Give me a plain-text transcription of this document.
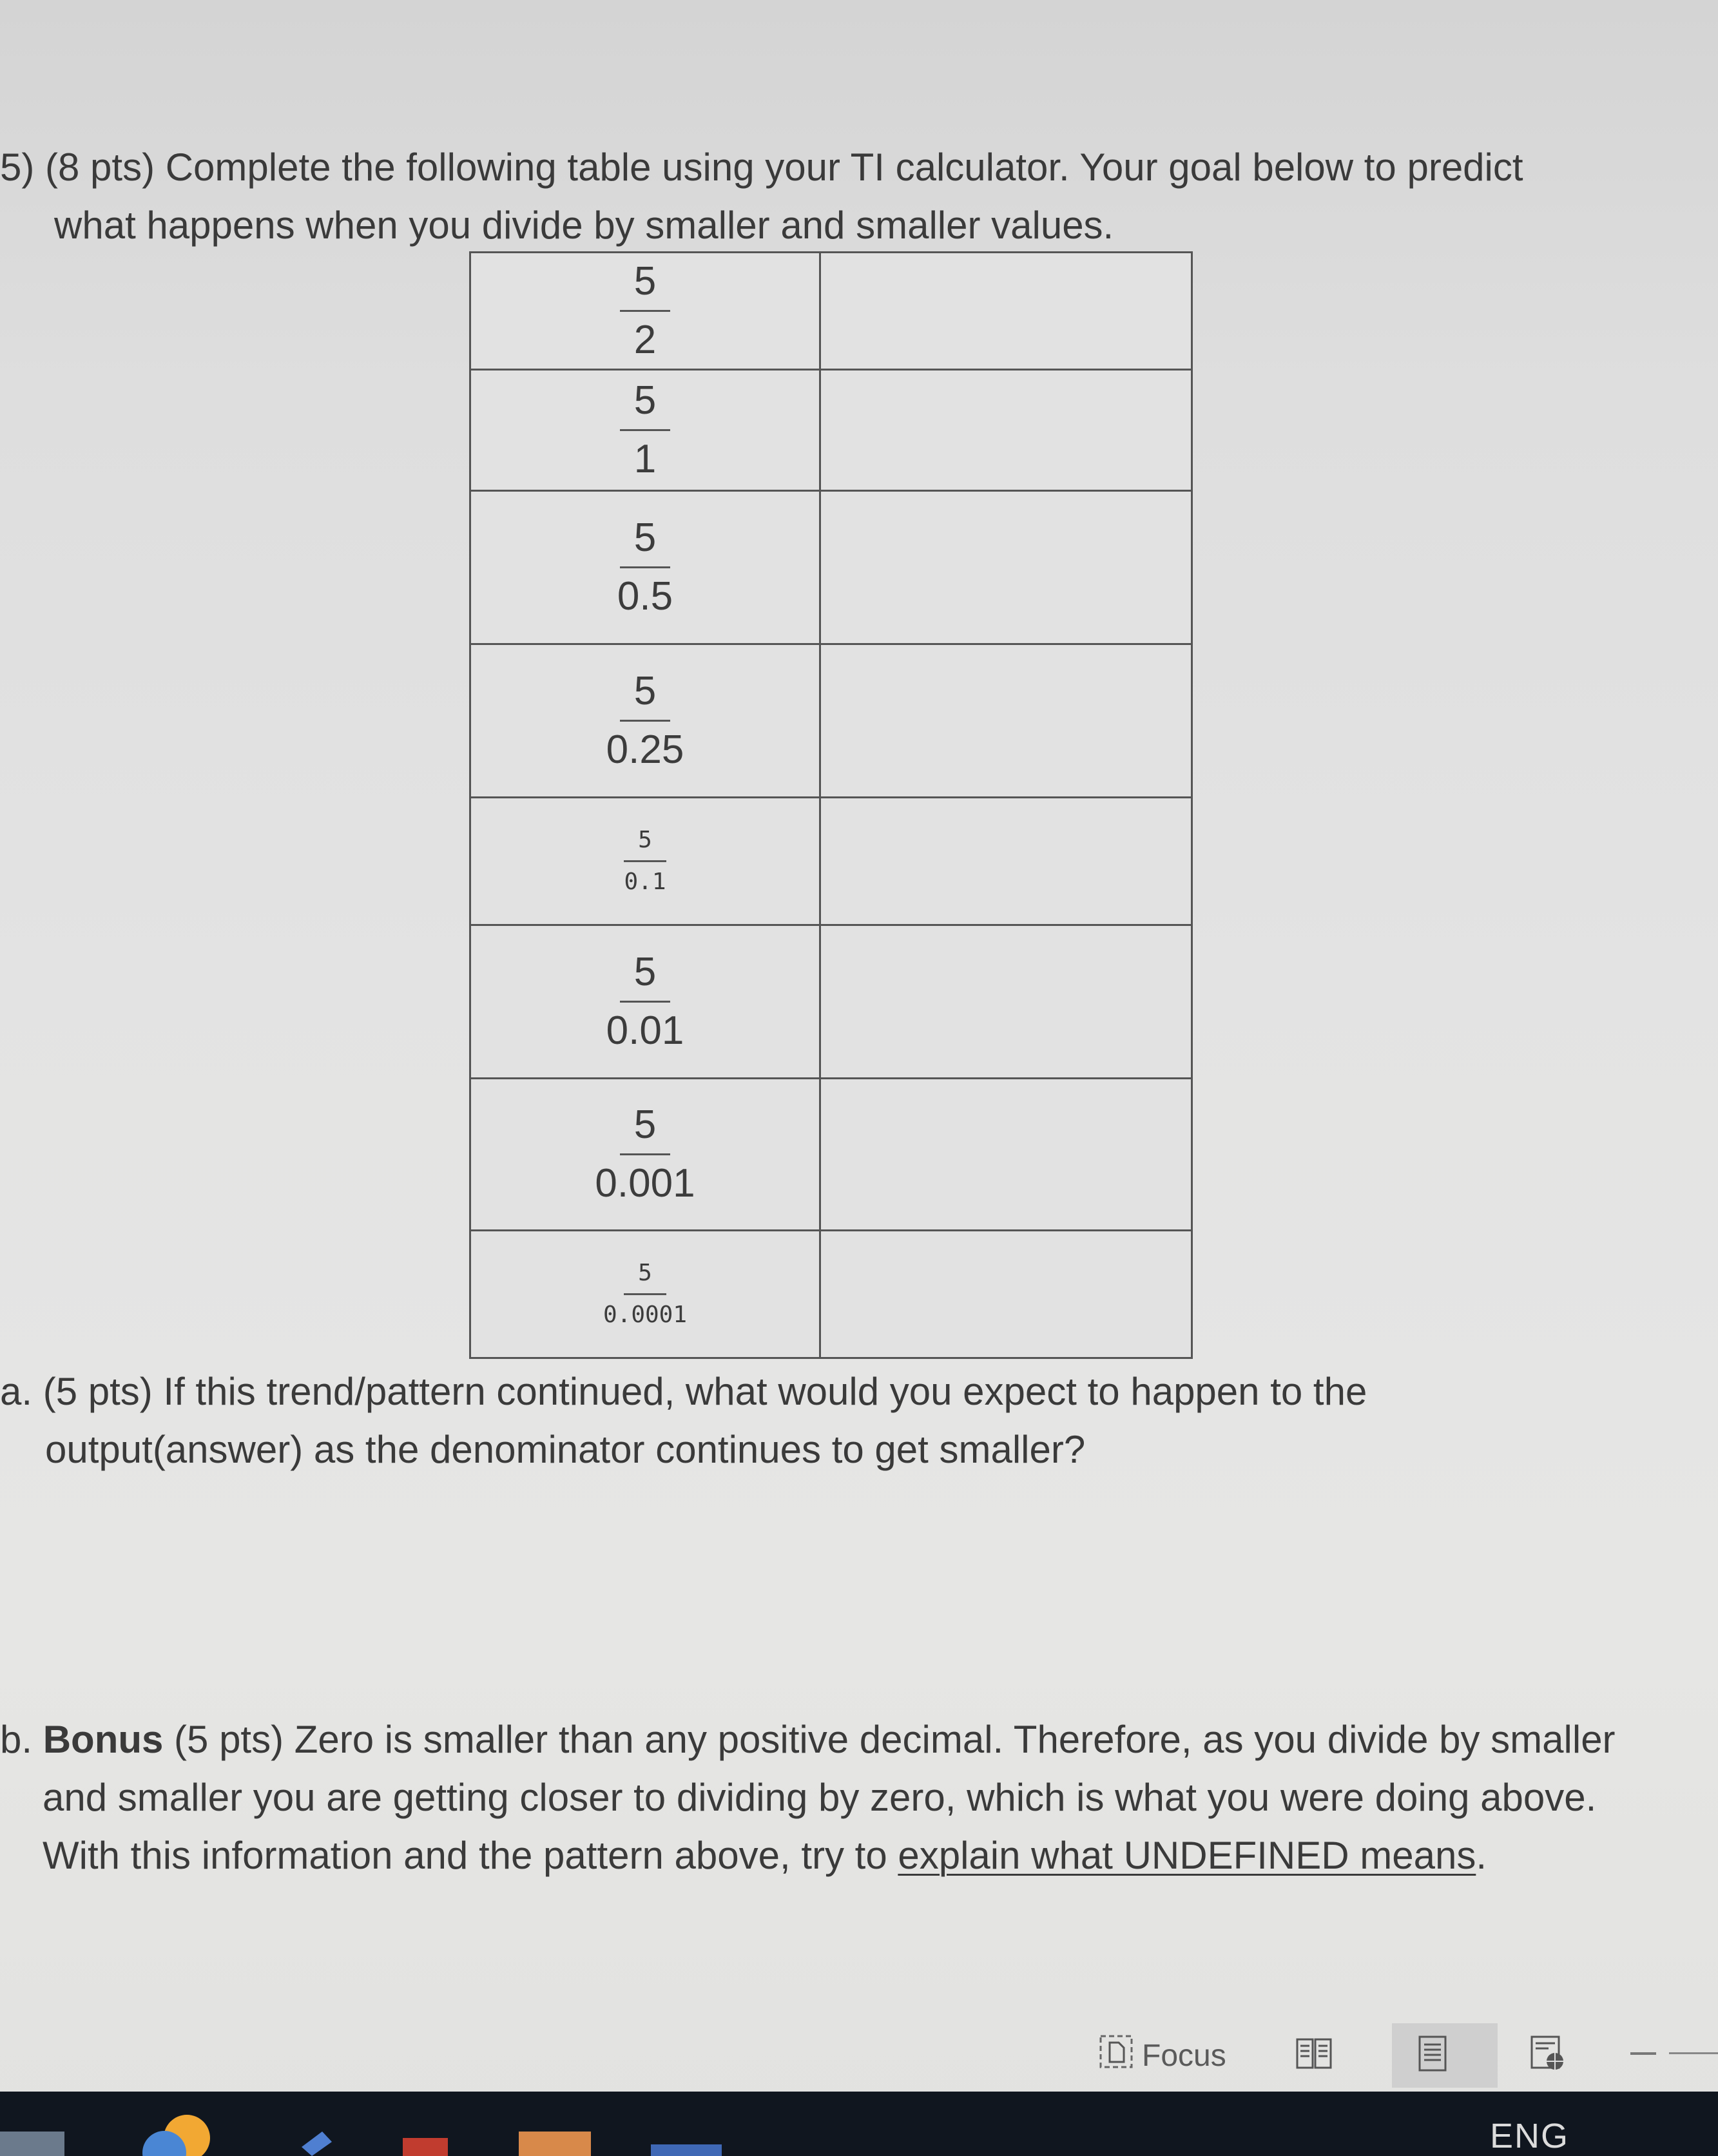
5) (8 pts) Complete the following table using your TI calculator. Your goal below to predict
what happens when you divide by smaller and smaller values.
$\frac{5}{2}$

$\frac{5}{1}$

$\frac{5}{0.5}$

$\frac{5}{0.25}$

$\frac{5}{0.1}$

$\frac{5}{0.01}$

$\frac{5}{0.001}$

$\frac{5}{0.0001}$

a. (5 pts) If this trend/pattern continued, what would you expect to happen to the
output(answer) as the denominator continues to get smaller?
b. Bonus (5 pts) Zero is smaller than any positive decimal. Therefore, as you divide by smaller
and smaller you are getting closer to dividing by zero, which is what you were doing above.
With this information and the pattern above, try to explain what UNDEFINED means.
Focus
ENG
